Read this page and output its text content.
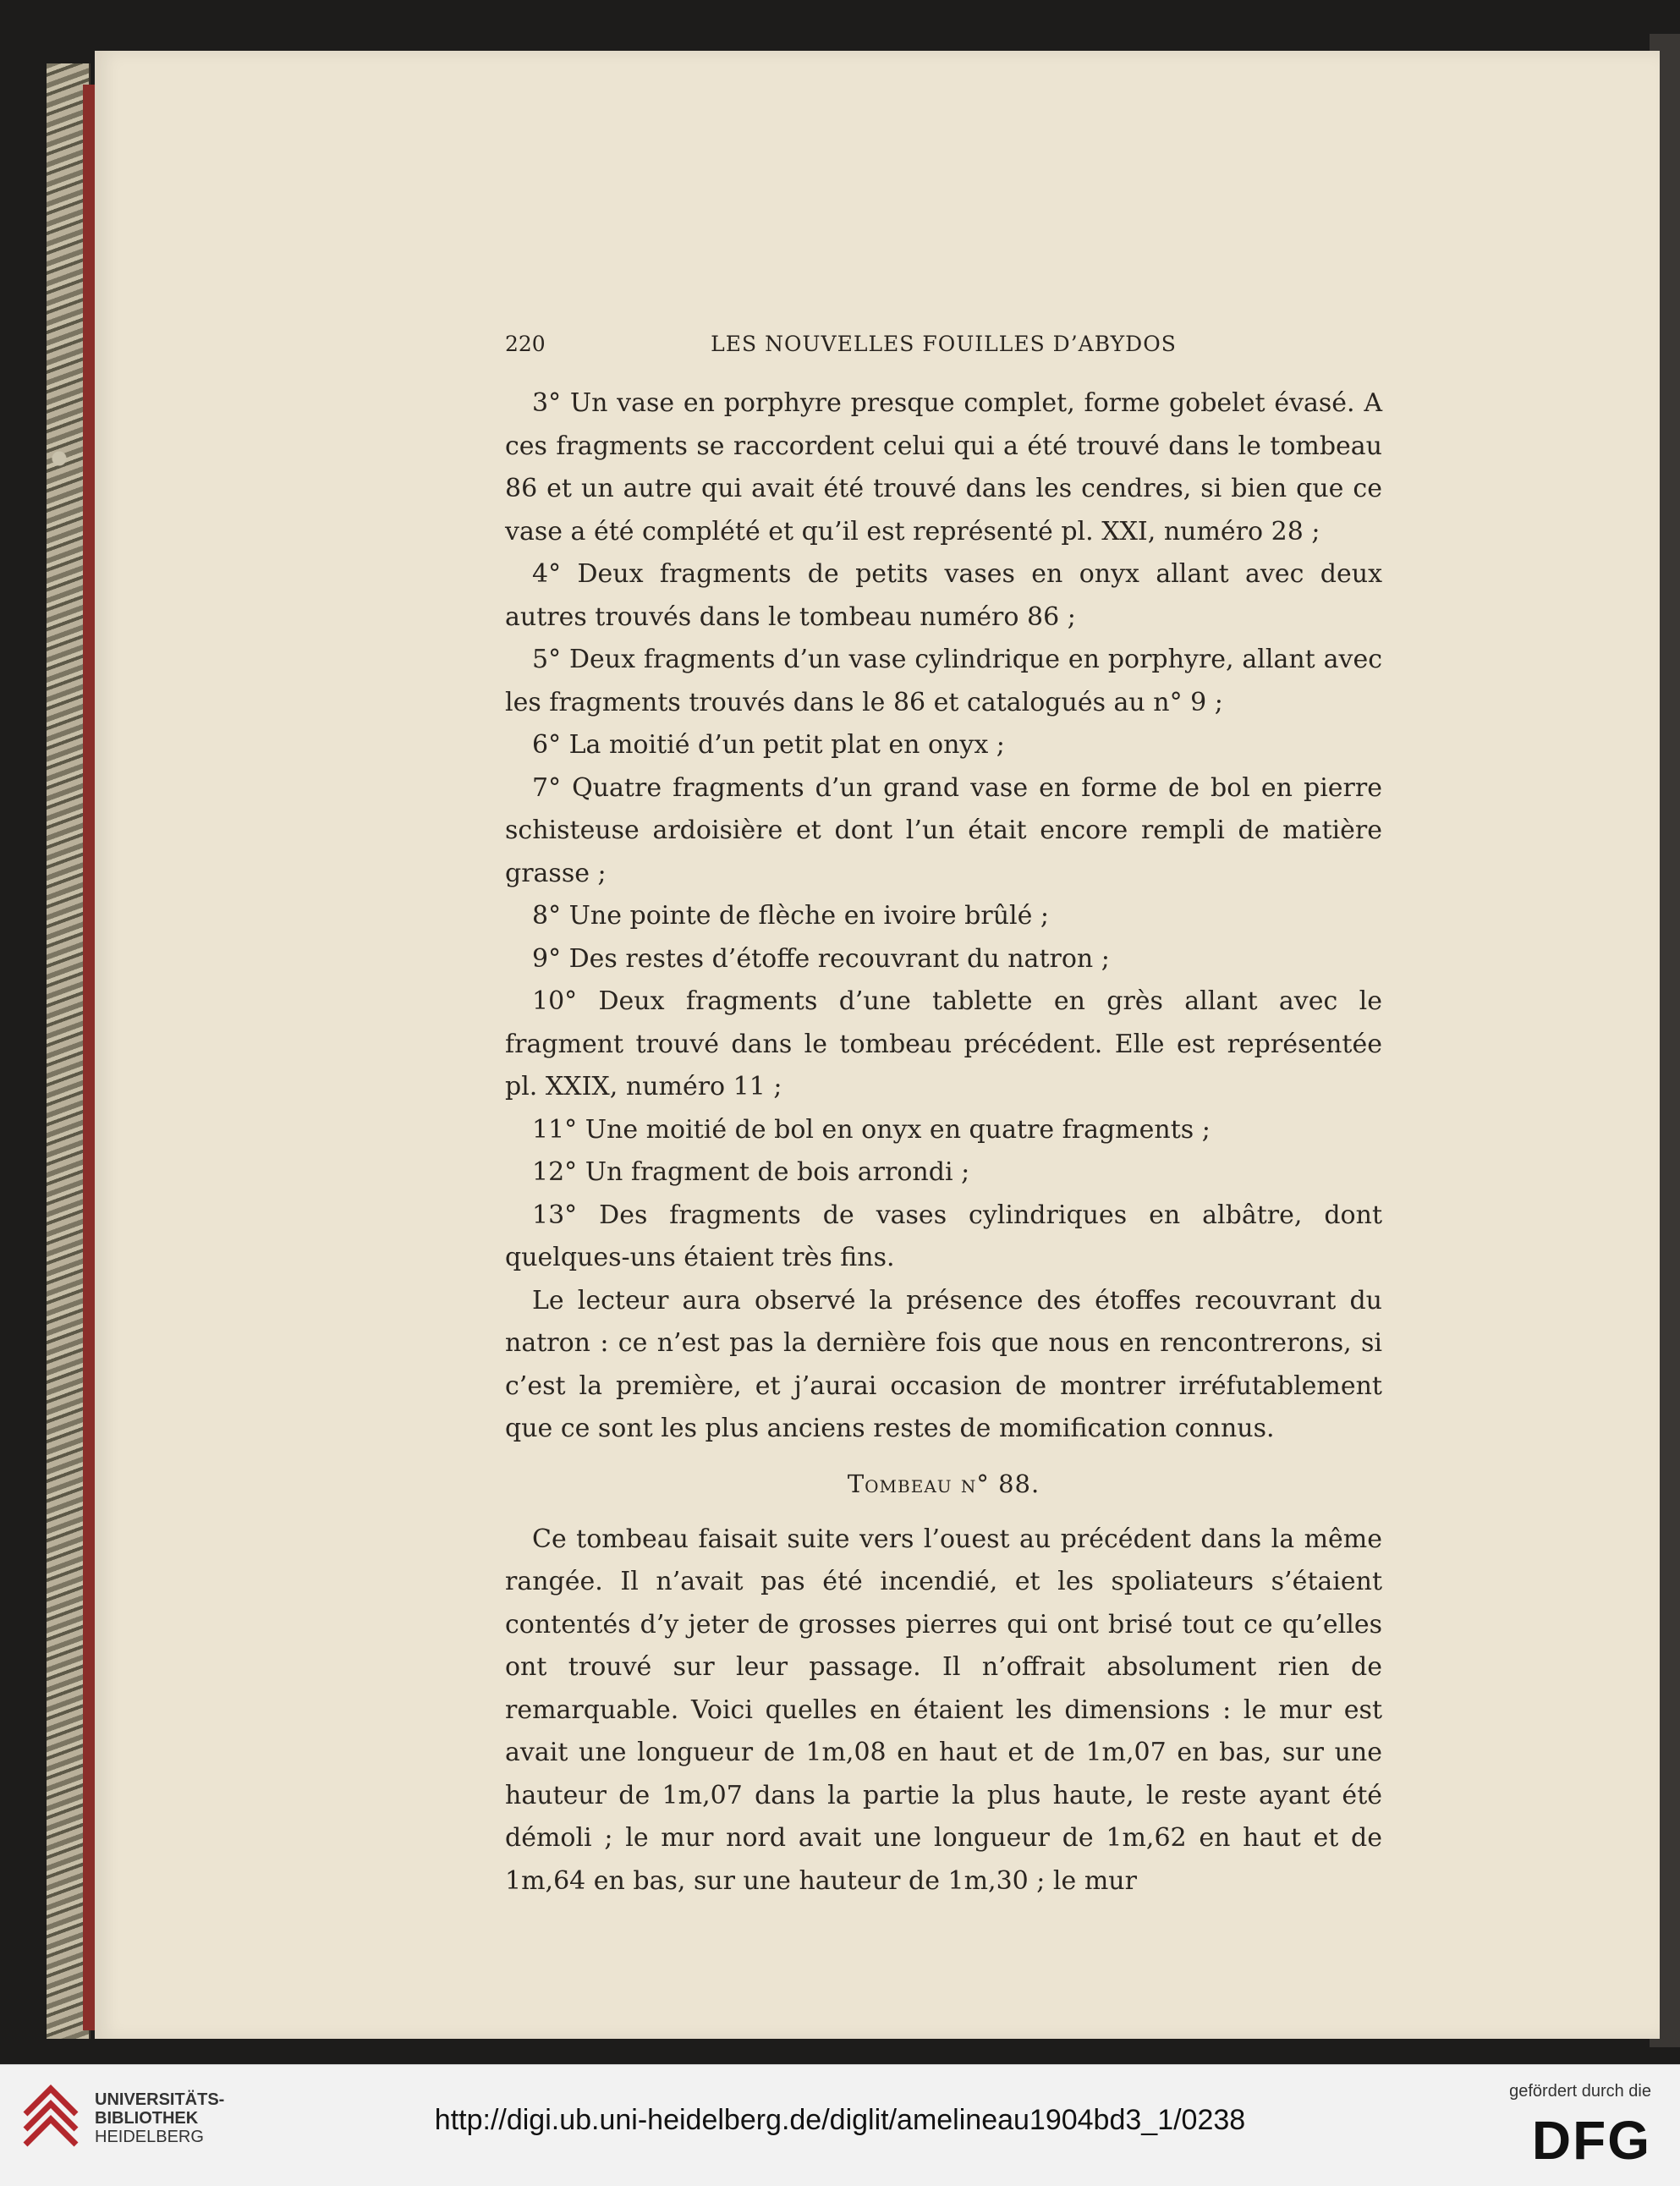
220	LES NOUVELLES FOUILLES D’ABYDOS

3° Un vase en porphyre presque complet, forme gobelet évasé. A ces fragments se raccordent celui qui a été trouvé dans le tombeau 86 et un autre qui avait été trouvé dans les cendres, si bien que ce vase a été complété et qu’il est représenté pl. XXI, numéro 28 ;

4° Deux fragments de petits vases en onyx allant avec deux autres trouvés dans le tombeau numéro 86 ;

5° Deux fragments d’un vase cylindrique en porphyre, allant avec les fragments trouvés dans le 86 et catalogués au n° 9 ;

6° La moitié d’un petit plat en onyx ;

7° Quatre fragments d’un grand vase en forme de bol en pierre schisteuse ardoisière et dont l’un était encore rempli de matière grasse ;

8° Une pointe de flèche en ivoire brûlé ;

9° Des restes d’étoffe recouvrant du natron ;

10° Deux fragments d’une tablette en grès allant avec le fragment trouvé dans le tombeau précédent. Elle est représentée pl. XXIX, numéro 11 ;

11° Une moitié de bol en onyx en quatre fragments ;

12° Un fragment de bois arrondi ;

13° Des fragments de vases cylindriques en albâtre, dont quelques-uns étaient très fins.

Le lecteur aura observé la présence des étoffes recouvrant du natron : ce n’est pas la dernière fois que nous en rencontrerons, si c’est la première, et j’aurai occasion de montrer irréfutablement que ce sont les plus anciens restes de momification connus.

Tombeau n° 88.

Ce tombeau faisait suite vers l’ouest au précédent dans la même rangée. Il n’avait pas été incendié, et les spoliateurs s’étaient contentés d’y jeter de grosses pierres qui ont brisé tout ce qu’elles ont trouvé sur leur passage. Il n’offrait absolument rien de remarquable. Voici quelles en étaient les dimensions : le mur est avait une longueur de 1m,08 en haut et de 1m,07 en bas, sur une hauteur de 1m,07 dans la partie la plus haute, le reste ayant été démoli ; le mur nord avait une longueur de 1m,62 en haut et de 1m,64 en bas, sur une hauteur de 1m,30 ; le mur

UNIVERSITÄTS-
BIBLIOTHEK
HEIDELBERG
http://digi.ub.uni-heidelberg.de/diglit/amelineau1904bd3_1/0238
gefördert durch die
DFG
